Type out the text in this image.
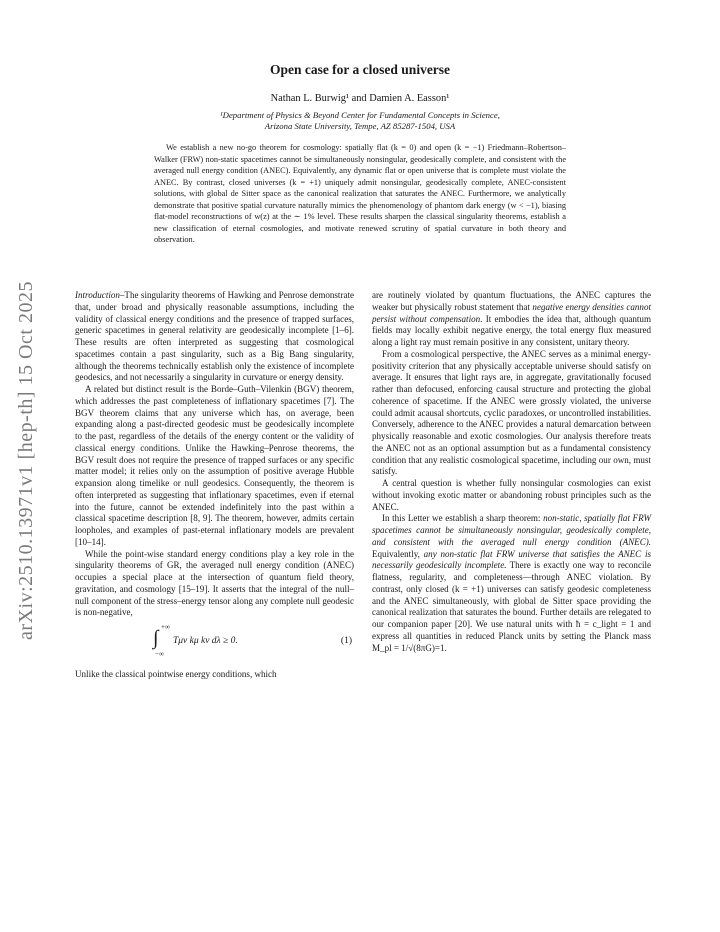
arXiv:2510.13971v1 [hep-th] 15 Oct 2025
Open case for a closed universe
Nathan L. Burwig¹ and Damien A. Easson¹
¹Department of Physics & Beyond Center for Fundamental Concepts in Science,
Arizona State University, Tempe, AZ 85287-1504, USA

We establish a new no-go theorem for cosmology: spatially flat (k = 0) and open (k = −1) Friedmann–Robertson–Walker (FRW) non-static spacetimes cannot be simultaneously nonsingular, geodesically complete, and consistent with the averaged null energy condition (ANEC). Equivalently, any dynamic flat or open universe that is complete must violate the ANEC. By contrast, closed universes (k = +1) uniquely admit nonsingular, geodesically complete, ANEC-consistent solutions, with global de Sitter space as the canonical realization that saturates the ANEC. Furthermore, we analytically demonstrate that positive spatial curvature naturally mimics the phenomenology of phantom dark energy (w < −1), biasing flat-model reconstructions of w(z) at the ∼ 1% level. These results sharpen the classical singularity theorems, establish a new classification of eternal cosmologies, and motivate renewed scrutiny of spatial curvature in both theory and observation.

Introduction–The singularity theorems of Hawking and Penrose demonstrate that, under broad and physically reasonable assumptions, including the validity of classical energy conditions and the presence of trapped surfaces, generic spacetimes in general relativity are geodesically incomplete [1–6]. These results are often interpreted as suggesting that cosmological spacetimes contain a past singularity, such as a Big Bang singularity, although the theorems technically establish only the existence of incomplete geodesics, and not necessarily a singularity in curvature or energy density.

A related but distinct result is the Borde–Guth–Vilenkin (BGV) theorem, which addresses the past completeness of inflationary spacetimes [7]. The BGV theorem claims that any universe which has, on average, been expanding along a past-directed geodesic must be geodesically incomplete to the past, regardless of the details of the energy content or the validity of classical energy conditions. Unlike the Hawking–Penrose theorems, the BGV result does not require the presence of trapped surfaces or any specific matter model; it relies only on the assumption of positive average Hubble expansion along timelike or null geodesics. Consequently, the theorem is often interpreted as suggesting that inflationary spacetimes, even if eternal into the future, cannot be extended indefinitely into the past within a classical spacetime description [8, 9]. The theorem, however, admits certain loopholes, and examples of past-eternal inflationary models are prevalent [10–14].

While the point-wise standard energy conditions play a key role in the singularity theorems of GR, the averaged null energy condition (ANEC) occupies a special place at the intersection of quantum field theory, gravitation, and cosmology [15–19]. It asserts that the integral of the null–null component of the stress–energy tensor along any complete null geodesic is non-negative,

+∞
∫
−∞
Tμν kμ kν dλ ≥ 0.	(1)

Unlike the classical pointwise energy conditions, which

are routinely violated by quantum fluctuations, the ANEC captures the weaker but physically robust statement that negative energy densities cannot persist without compensation. It embodies the idea that, although quantum fields may locally exhibit negative energy, the total energy flux measured along a light ray must remain positive in any consistent, unitary theory.

From a cosmological perspective, the ANEC serves as a minimal energy-positivity criterion that any physically acceptable universe should satisfy on average. It ensures that light rays are, in aggregate, gravitationally focused rather than defocused, enforcing causal structure and protecting the global coherence of spacetime. If the ANEC were grossly violated, the universe could admit acausal shortcuts, cyclic paradoxes, or uncontrolled instabilities. Conversely, adherence to the ANEC provides a natural demarcation between physically reasonable and exotic cosmologies. Our analysis therefore treats the ANEC not as an optional assumption but as a fundamental consistency condition that any realistic cosmological spacetime, including our own, must satisfy.

A central question is whether fully nonsingular cosmologies can exist without invoking exotic matter or abandoning robust principles such as the ANEC.

In this Letter we establish a sharp theorem: non-static, spatially flat FRW spacetimes cannot be simultaneously nonsingular, geodesically complete, and consistent with the averaged null energy condition (ANEC). Equivalently, any non-static flat FRW universe that satisfies the ANEC is necessarily geodesically incomplete. There is exactly one way to reconcile flatness, regularity, and completeness—through ANEC violation. By contrast, only closed (k = +1) universes can satisfy geodesic completeness and the ANEC simultaneously, with global de Sitter space providing the canonical realization that saturates the bound. Further details are relegated to our companion paper [20]. We use natural units with ħ = c_light = 1 and express all quantities in reduced Planck units by setting the Planck mass M_pl = 1/√(8πG)=1.
